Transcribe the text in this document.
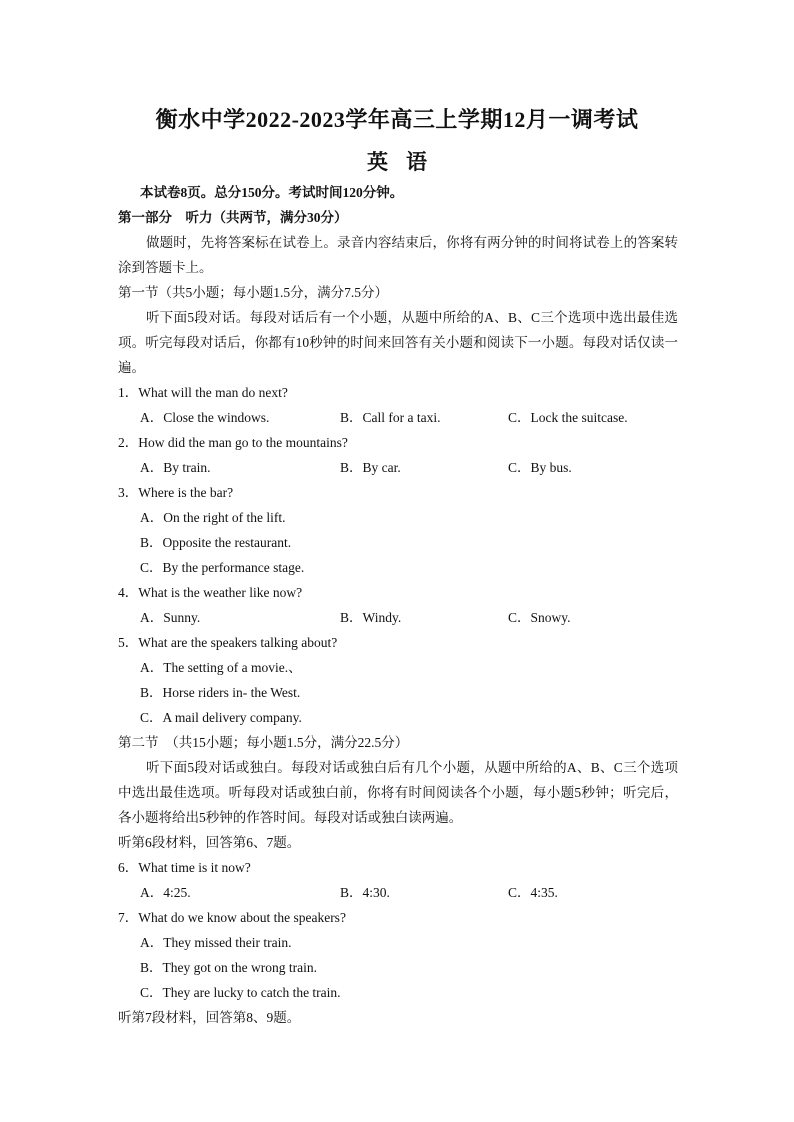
衡水中学2022-2023学年高三上学期12月一调考试
英语
本试卷8页。总分150分。考试时间120分钟。
第一部分　听力（共两节，满分30分）
做题时，先将答案标在试卷上。录音内容结束后，你将有两分钟的时间将试卷上的答案转涂到答题卡上。
第一节（共5小题；每小题1.5分，满分7.5分）
听下面5段对话。每段对话后有一个小题，从题中所给的A、B、C三个选项中选出最佳选项。听完每段对话后，你都有10秒钟的时间来回答有关小题和阅读下一小题。每段对话仅读一遍。
1．What will the man do next?
A．Close the windows.	B．Call for a taxi.	C．Lock the suitcase.
2．How did the man go to the mountains?
A．By train.	B．By car.	C．By bus.
3．Where is the bar?
A．On the right of the lift.
B．Opposite the restaurant.
C．By the performance stage.
4．What is the weather like now?
A．Sunny.	B．Windy.	C．Snowy.
5．What are the speakers talking about?
A．The setting of a movie.、
B．Horse riders in- the West.
C．A mail delivery company.
第二节　（共15小题；每小题1.5分，满分22.5分）
听下面5段对话或独白。每段对话或独白后有几个小题，从题中所给的A、B、C三个选项中选出最佳选项。听每段对话或独白前，你将有时间阅读各个小题，每小题5秒钟；听完后，各小题将给出5秒钟的作答时间。每段对话或独白读两遍。
听第6段材料，回答第6、7题。
6．What time is it now?
A．4:25.	B．4:30.	C．4:35.
7．What do we know about the speakers?
A．They missed their train.
B．They got on the wrong train.
C．They are lucky to catch the train.
听第7段材料，回答第8、9题。
